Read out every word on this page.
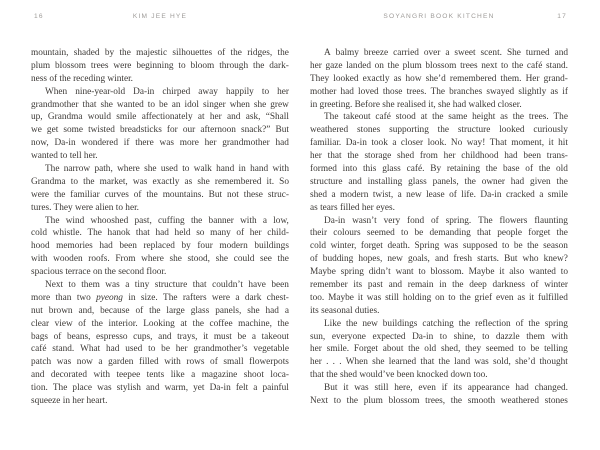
16	KIM JEE HYE
mountain, shaded by the majestic silhouettes of the ridges, the
plum blossom trees were beginning to bloom through the dark-
ness of the receding winter.
When nine-year-old Da-in chirped away happily to her
grandmother that she wanted to be an idol singer when she grew
up, Grandma would smile affectionately at her and ask, “Shall
we get some twisted breadsticks for our afternoon snack?” But
now, Da-in wondered if there was more her grandmother had
wanted to tell her.
The narrow path, where she used to walk hand in hand with
Grandma to the market, was exactly as she remembered it. So
were the familiar curves of the mountains. But not these struc-
tures. They were alien to her.
The wind whooshed past, cuffing the banner with a low,
cold whistle. The hanok that had held so many of her child-
hood memories had been replaced by four modern buildings
with wooden roofs. From where she stood, she could see the
spacious terrace on the second floor.
Next to them was a tiny structure that couldn’t have been
more than two pyeong in size. The rafters were a dark chest-
nut brown and, because of the large glass panels, she had a
clear view of the interior. Looking at the coffee machine, the
bags of beans, espresso cups, and trays, it must be a takeout
café stand. What had used to be her grandmother’s vegetable
patch was now a garden filled with rows of small flowerpots
and decorated with teepee tents like a magazine shoot loca-
tion. The place was stylish and warm, yet Da-in felt a painful
squeeze in her heart.
SOYANGRI BOOK KITCHEN	17
A balmy breeze carried over a sweet scent. She turned and
her gaze landed on the plum blossom trees next to the café stand.
They looked exactly as how she’d remembered them. Her grand-
mother had loved those trees. The branches swayed slightly as if
in greeting. Before she realised it, she had walked closer.
The takeout café stood at the same height as the trees. The
weathered stones supporting the structure looked curiously
familiar. Da-in took a closer look. No way! That moment, it hit
her that the storage shed from her childhood had been trans-
formed into this glass café. By retaining the base of the old
structure and installing glass panels, the owner had given the
shed a modern twist, a new lease of life. Da-in cracked a smile
as tears filled her eyes.
Da-in wasn’t very fond of spring. The flowers flaunting
their colours seemed to be demanding that people forget the
cold winter, forget death. Spring was supposed to be the season
of budding hopes, new goals, and fresh starts. But who knew?
Maybe spring didn’t want to blossom. Maybe it also wanted to
remember its past and remain in the deep darkness of winter
too. Maybe it was still holding on to the grief even as it fulfilled
its seasonal duties.
Like the new buildings catching the reflection of the spring
sun, everyone expected Da-in to shine, to dazzle them with
her smile. Forget about the old shed, they seemed to be telling
her . . . When she learned that the land was sold, she’d thought
that the shed would’ve been knocked down too.
But it was still here, even if its appearance had changed.
Next to the plum blossom trees, the smooth weathered stones
